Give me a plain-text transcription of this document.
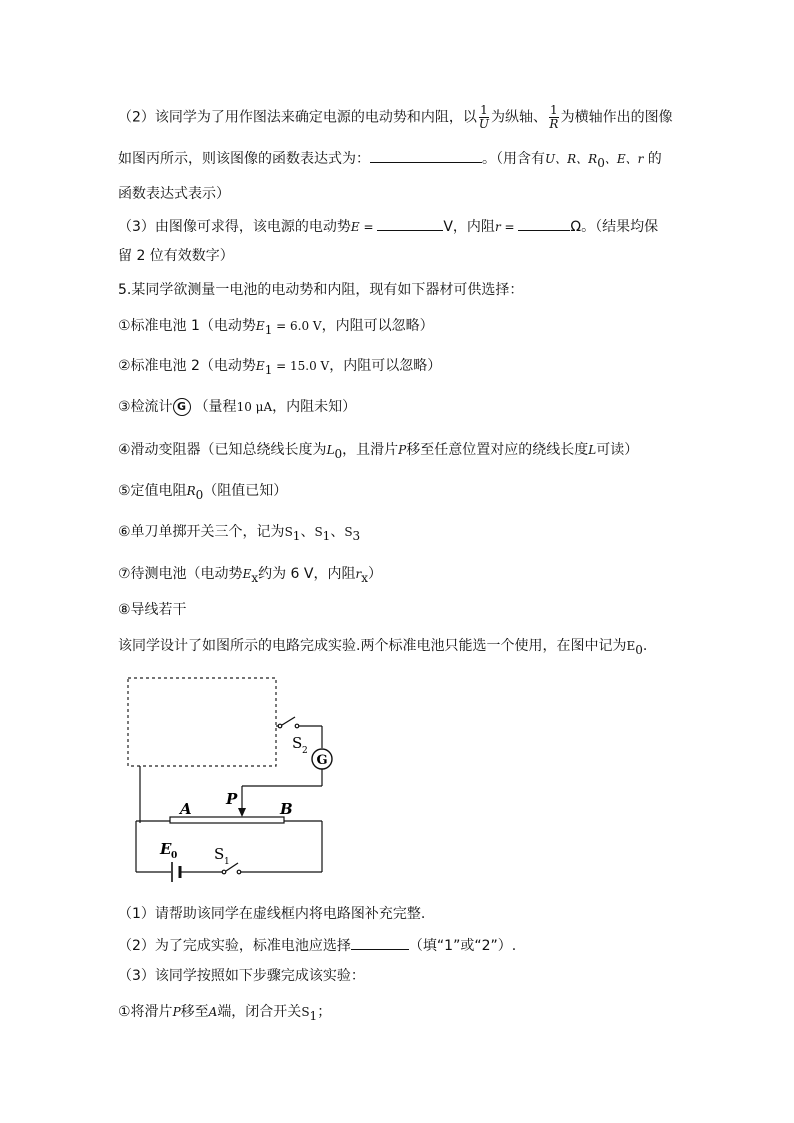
（2）该同学为了用作图法来确定电源的电动势和内阻，以 $\frac{1}{U}$ 为纵轴、 $\frac{1}{R}$ 为横轴作出的图像
如图丙所示，则该图像的函数表达式为：	。（用含有U、R、$R_0$、E、r 的
函数表达式表示）
（3）由图像可求得，该电源的电动势E =	V，内阻r =	Ω。（结果均保
留 2 位有效数字）
5.某同学欲测量一电池的电动势和内阻，现有如下器材可供选择：
①标准电池 1（电动势$E_1 = 6.0$ V，内阻可以忽略）
②标准电池 2（电动势$E_1 = 15.0$ V，内阻可以忽略）
③检流计 G （量程10 μA，内阻未知）
④滑动变阻器（已知总绕线长度为$L_0$，且滑片P移至任意位置对应的绕线长度L可读）
⑤定值电阻$R_0$（阻值已知）
⑥单刀单掷开关三个，记为$S_1$、$S_1$、$S_3$
⑦待测电池（电动势$E_x$约为 6 V，内阻$r_x$）
⑧导线若干
该同学设计了如图所示的电路完成实验.两个标准电池只能选一个使用，在图中记为$E_0$.
S 2
G
P
A	B
E 0 S 1
（1）请帮助该同学在虚线框内将电路图补充完整.
（2）为了完成实验，标准电池应选择	（填“1”或“2”）.
（3）该同学按照如下步骤完成该实验：
①将滑片P移至A端，闭合开关$S_1$；
